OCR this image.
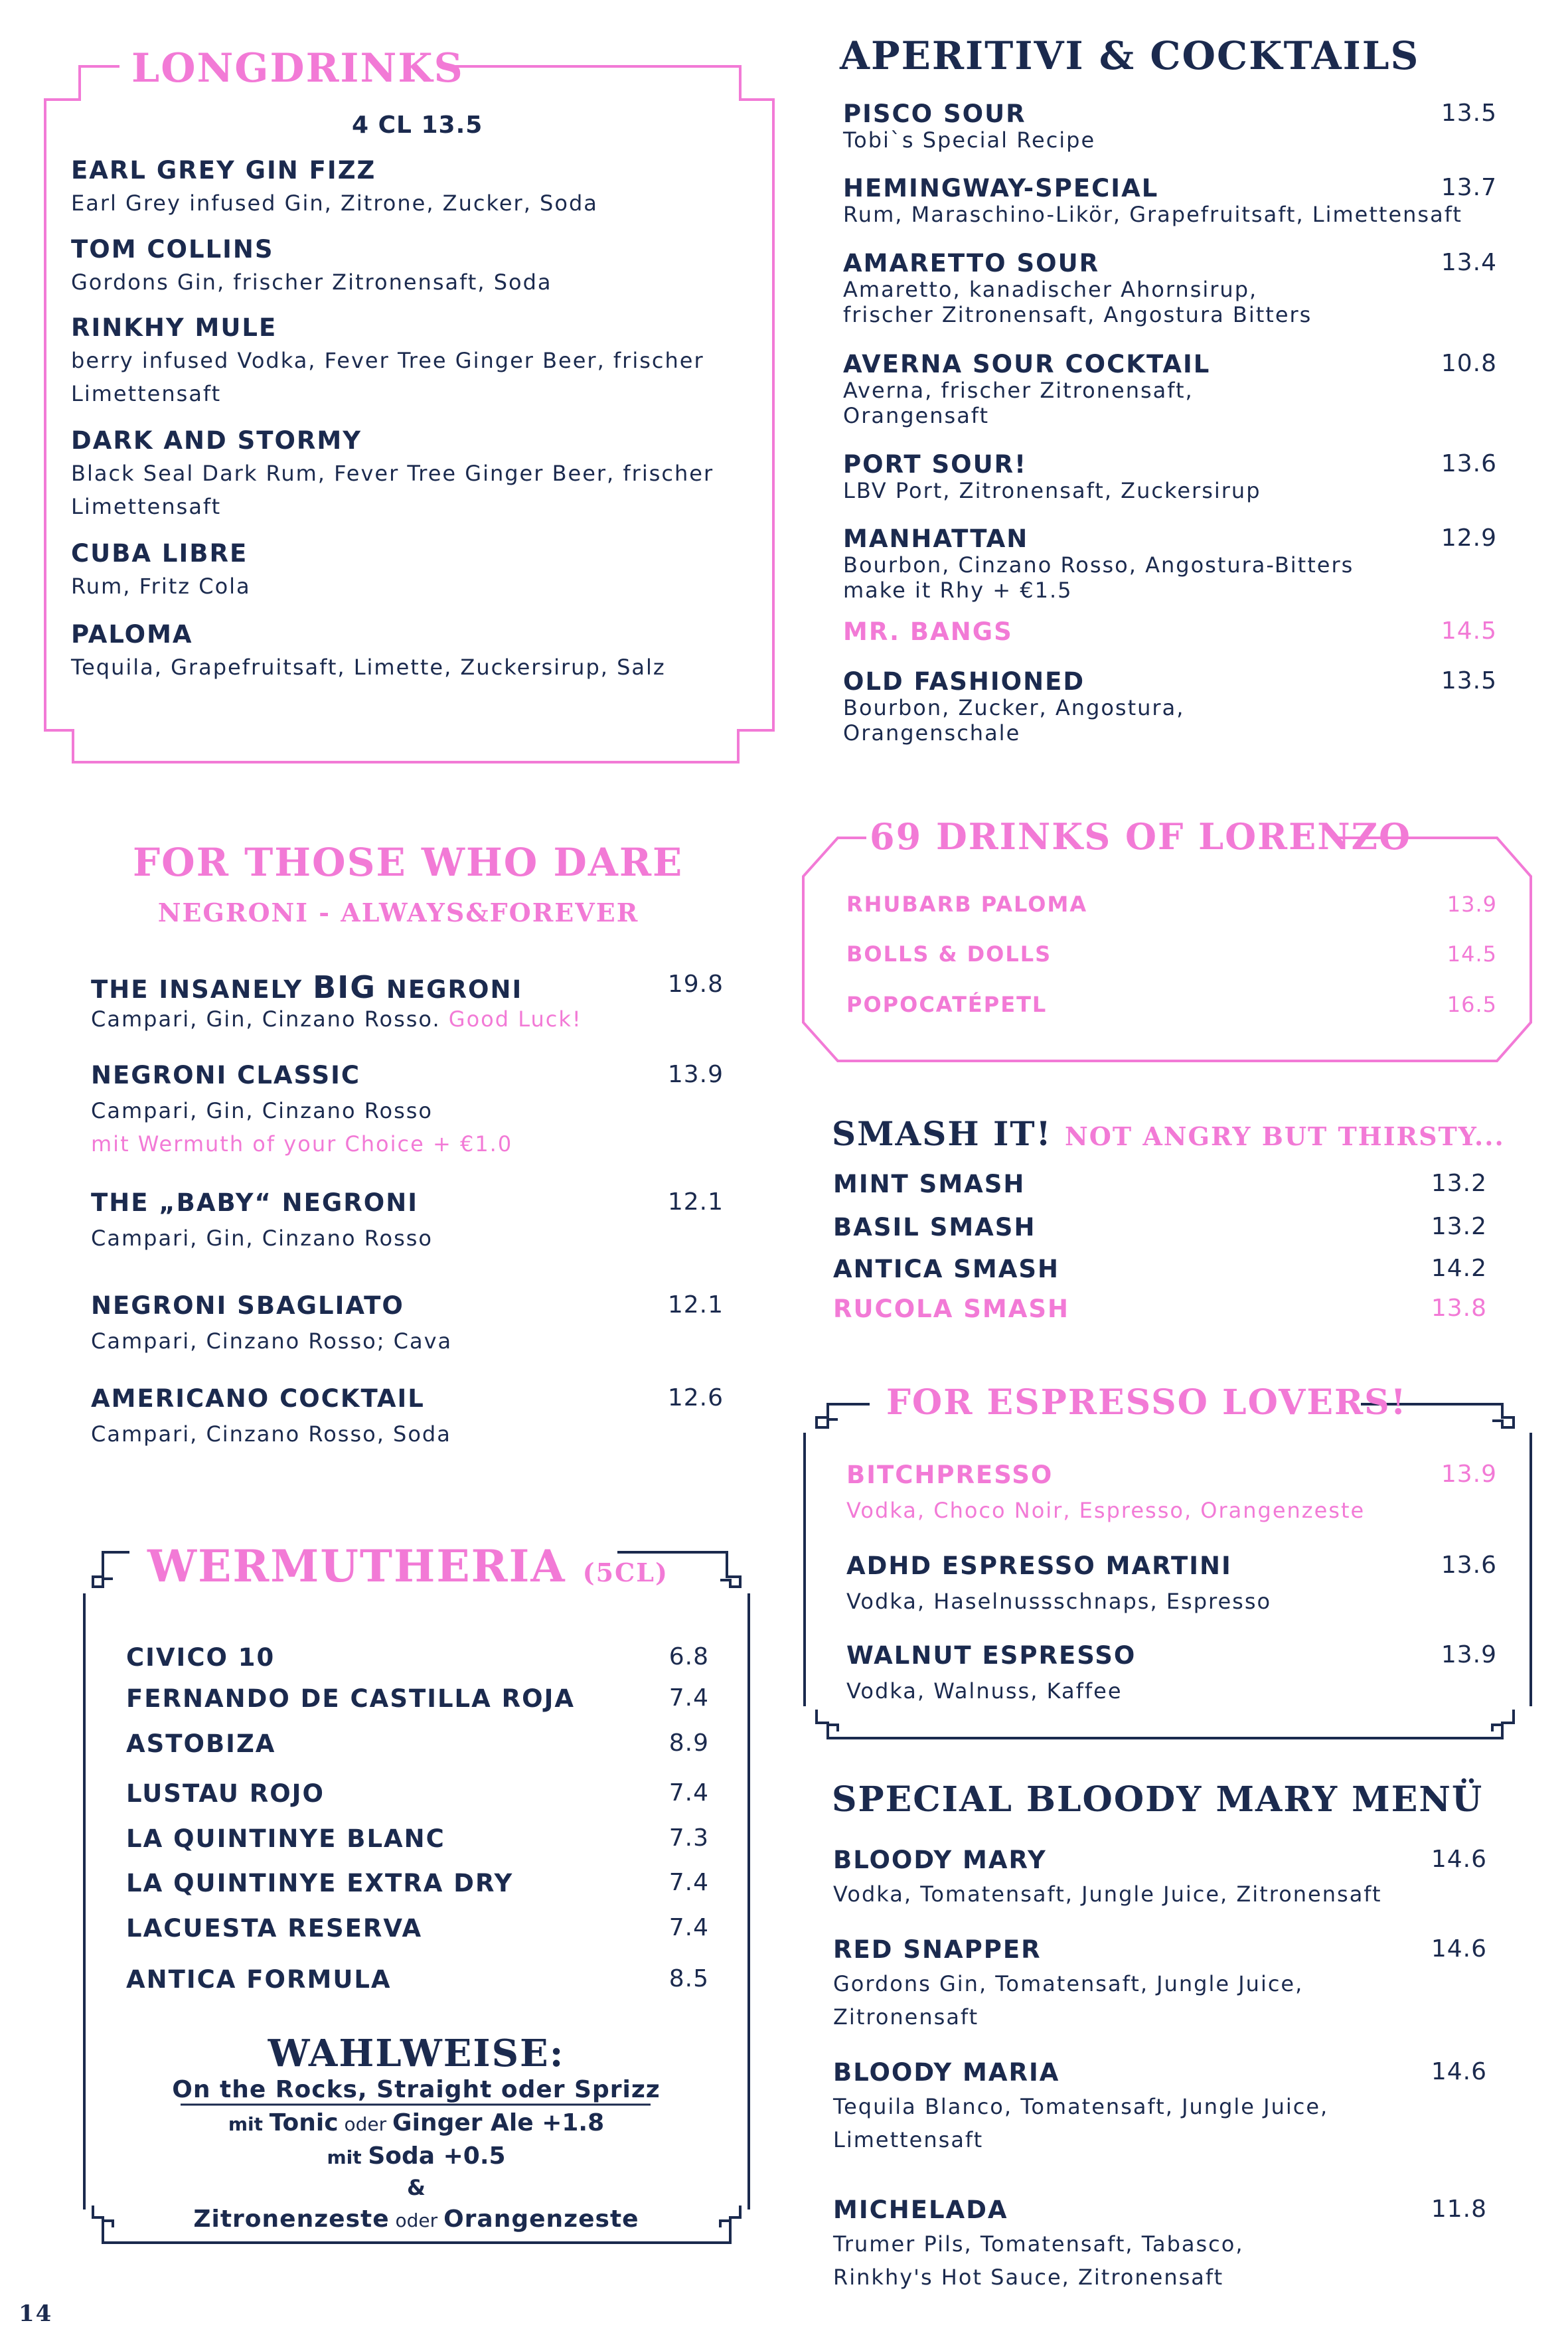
LONGDRINKS
4 CL 13.5
EARL GREY GIN FIZZ
Earl Grey infused Gin, Zitrone, Zucker, Soda
TOM COLLINS
Gordons Gin, frischer Zitronensaft, Soda
RINKHY MULE
berry infused Vodka, Fever Tree Ginger Beer, frischer
Limettensaft
DARK AND STORMY
Black Seal Dark Rum, Fever Tree Ginger Beer, frischer
Limettensaft
CUBA LIBRE
Rum, Fritz Cola
PALOMA
Tequila, Grapefruitsaft, Limette, Zuckersirup, Salz
APERITIVI & COCKTAILS
PISCO SOUR	13.5
Tobi`s Special Recipe
HEMINGWAY-SPECIAL	13.7
Rum, Maraschino-Likör, Grapefruitsaft, Limettensaft
AMARETTO SOUR	13.4
Amaretto, kanadischer Ahornsirup,
frischer Zitronensaft, Angostura Bitters
AVERNA SOUR COCKTAIL	10.8
Averna, frischer Zitronensaft,
Orangensaft
PORT SOUR!	13.6
LBV Port, Zitronensaft, Zuckersirup
MANHATTAN	12.9
Bourbon, Cinzano Rosso, Angostura-Bitters
make it Rhy + €1.5
MR. BANGS	14.5
OLD FASHIONED	13.5
Bourbon, Zucker, Angostura,
Orangenschale
FOR THOSE WHO DARE
NEGRONI - ALWAYS&FOREVER
THE INSANELY BIG NEGRONI	19.8
Campari, Gin, Cinzano Rosso. Good Luck!
NEGRONI CLASSIC	13.9
Campari, Gin, Cinzano Rosso
mit Wermuth of your Choice + €1.0
THE „BABY“ NEGRONI	12.1
Campari, Gin, Cinzano Rosso
NEGRONI SBAGLIATO	12.1
Campari, Cinzano Rosso; Cava
AMERICANO COCKTAIL	12.6
Campari, Cinzano Rosso, Soda
69 DRINKS OF LORENZO
RHUBARB PALOMA	13.9
BOLLS & DOLLS	14.5
POPOCATÉPETL	16.5
SMASH IT! NOT ANGRY BUT THIRSTY...
MINT SMASH	13.2
BASIL SMASH	13.2
ANTICA SMASH	14.2
RUCOLA SMASH	13.8
FOR ESPRESSO LOVERS!
BITCHPRESSO	13.9
Vodka, Choco Noir, Espresso, Orangenzeste
ADHD ESPRESSO MARTINI	13.6
Vodka, Haselnussschnaps, Espresso
WALNUT ESPRESSO	13.9
Vodka, Walnuss, Kaffee
WERMUTHERIA (5CL)
CIVICO 10	6.8
FERNANDO DE CASTILLA ROJA	7.4
ASTOBIZA	8.9
LUSTAU ROJO	7.4
LA QUINTINYE BLANC	7.3
LA QUINTINYE EXTRA DRY	7.4
LACUESTA RESERVA	7.4
ANTICA FORMULA	8.5
WAHLWEISE:
On the Rocks, Straight oder Sprizz
mit Tonic oder Ginger Ale +1.8
mit Soda +0.5
&
Zitronenzeste oder Orangenzeste
SPECIAL BLOODY MARY MENÜ
BLOODY MARY	14.6
Vodka, Tomatensaft, Jungle Juice, Zitronensaft
RED SNAPPER	14.6
Gordons Gin, Tomatensaft, Jungle Juice,
Zitronensaft
BLOODY MARIA	14.6
Tequila Blanco, Tomatensaft, Jungle Juice,
Limettensaft
MICHELADA	11.8
Trumer Pils, Tomatensaft, Tabasco,
Rinkhy's Hot Sauce, Zitronensaft
14
